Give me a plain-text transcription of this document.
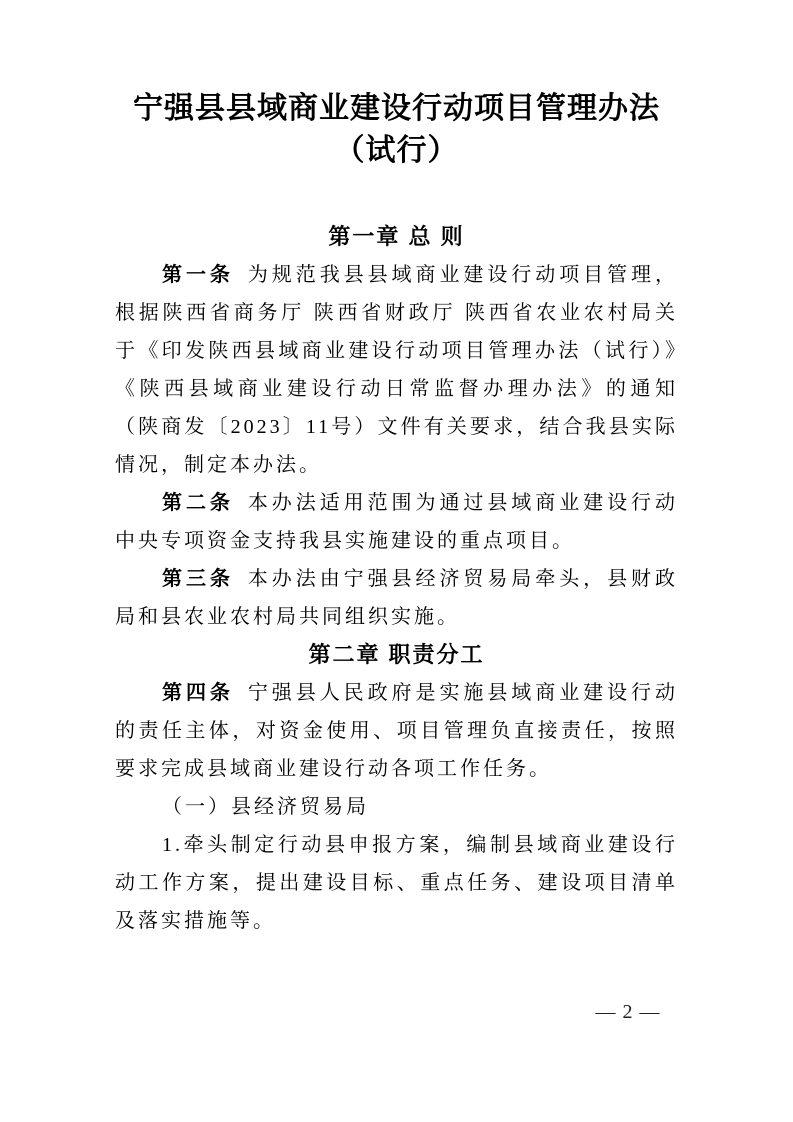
宁强县县域商业建设行动项目管理办法
（试行）
第一章 总 则

第一条 为规范我县县域商业建设行动项目管理，根据陕西省商务厅 陕西省财政厅 陕西省农业农村局关于《印发陕西县域商业建设行动项目管理办法（试行）》《陕西县域商业建设行动日常监督办理办法》的通知（陕商发〔2023〕11号）文件有关要求，结合我县实际情况，制定本办法。

第二条 本办法适用范围为通过县域商业建设行动中央专项资金支持我县实施建设的重点项目。

第三条 本办法由宁强县经济贸易局牵头，县财政局和县农业农村局共同组织实施。

第二章 职责分工

第四条 宁强县人民政府是实施县域商业建设行动的责任主体，对资金使用、项目管理负直接责任，按照要求完成县域商业建设行动各项工作任务。

（一）县经济贸易局

1.牵头制定行动县申报方案，编制县域商业建设行动工作方案，提出建设目标、重点任务、建设项目清单及落实措施等。

— 2 —
